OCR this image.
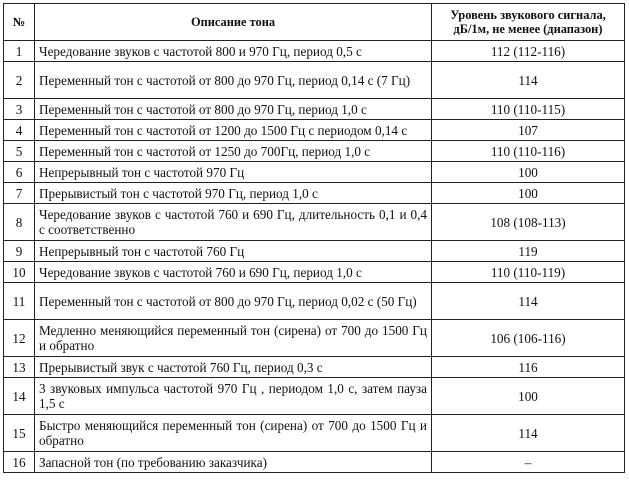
№	Описание тона	Уровень звукового сигнала,
дБ/1м, не менее (диапазон)
1	Чередование звуков с частотой 800 и 970 Гц, период 0,5 с	112 (112-116)
2	Переменный тон с частотой от 800 до 970 Гц, период 0,14 с (7 Гц)	114
3	Переменный тон с частотой от 800 до 970 Гц, период 1,0 с	110 (110-115)
4	Переменный тон с частотой от 1200 до 1500 Гц с периодом 0,14 с	107
5	Переменный тон с частотой от 1250 до 700Гц, период 1,0 с	110 (110-116)
6	Непрерывный тон с частотой 970 Гц	100
7	Прерывистый тон с частотой 970 Гц, период 1,0 с	100
8	Чередование звуков с частотой 760 и 690 Гц, длительность 0,1 и 0,4 с соответственно	108 (108-113)
9	Непрерывный тон с частотой 760 Гц	119
10	Чередование звуков с частотой 760 и 690 Гц, период 1,0 с	110 (110-119)
11	Переменный тон с частотой от 800 до 970 Гц, период 0,02 с (50 Гц)	114
12	Медленно меняющийся переменный тон (сирена) от 700 до 1500 Гц и обратно	106 (106-116)
13	Прерывистый звук с частотой 760 Гц, период 0,3 с	116
14	3 звуковых импульса частотой 970 Гц , периодом 1,0 с, затем пауза 1,5 с	100
15	Быстро меняющийся переменный тон (сирена) от 700 до 1500 Гц и обратно	114
16	Запасной тон (по требованию заказчика)	–
